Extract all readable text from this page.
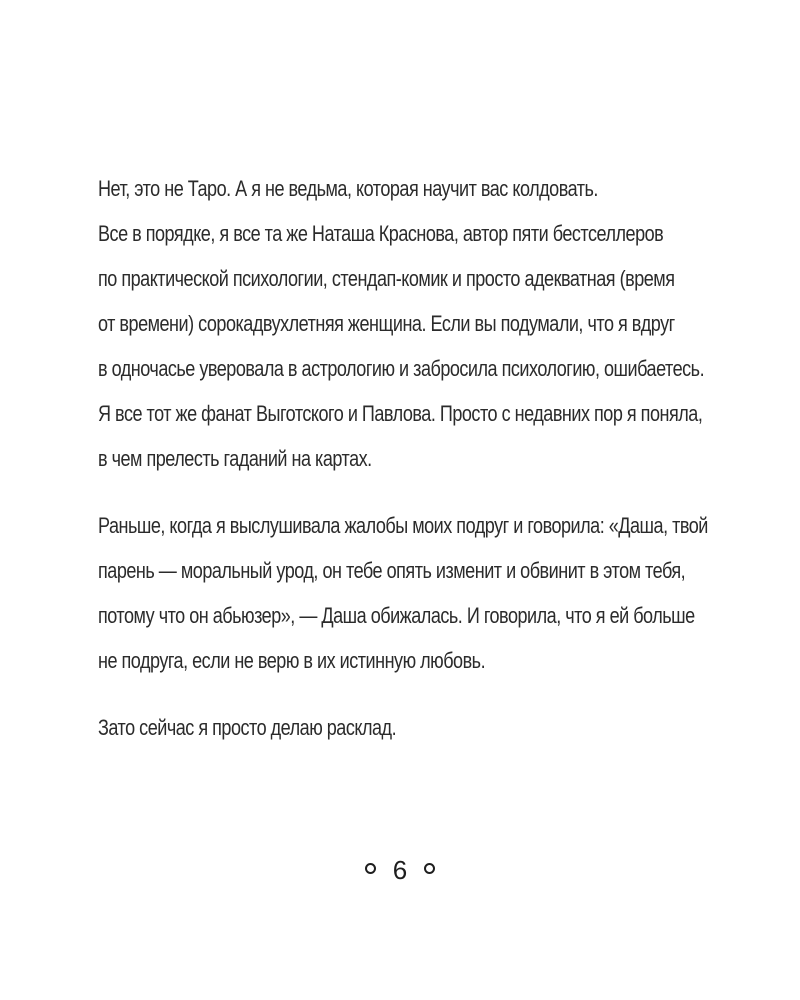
Нет, это не Таро. А я не ведьма, которая научит вас колдовать.
Все в порядке, я все та же Наташа Краснова, автор пяти бестселлеров
по практической психологии, стендап-комик и просто адекватная (время
от времени) сорокадвухлетняя женщина. Если вы подумали, что я вдруг
в одночасье уверовала в астрологию и забросила психологию, ошибаетесь.
Я все тот же фанат Выготского и Павлова. Просто с недавних пор я поняла,
в чем прелесть гаданий на картах.
Раньше, когда я выслушивала жалобы моих подруг и говорила: «Даша, твой
парень — моральный урод, он тебе опять изменит и обвинит в этом тебя,
потому что он абьюзер», — Даша обижалась. И говорила, что я ей больше
не подруга, если не верю в их истинную любовь.
Зато сейчас я просто делаю расклад.
6
